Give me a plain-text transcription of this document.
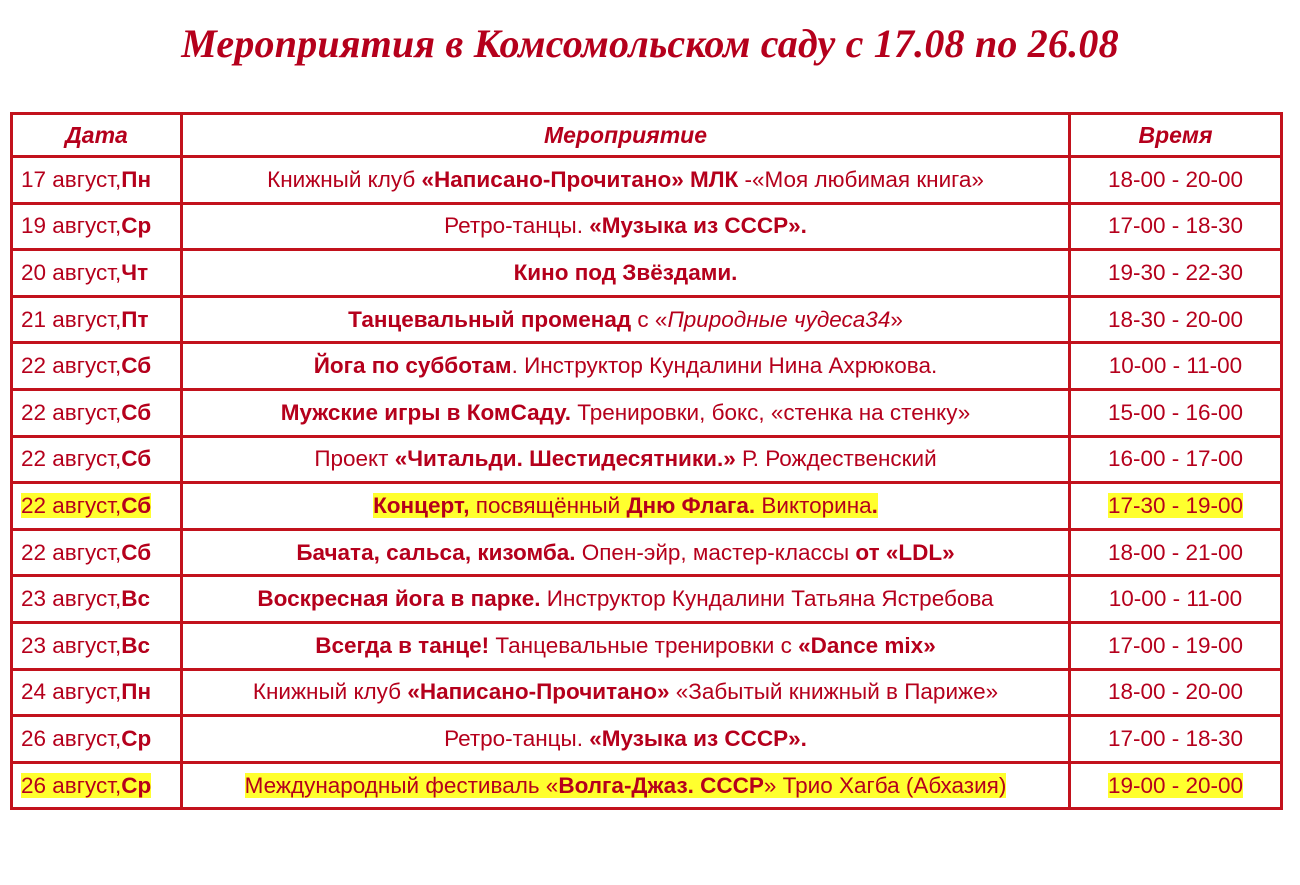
Мероприятия в Комсомольском саду с 17.08 по 26.08
Дата	Мероприятие	Время
17 август,Пн	Книжный клуб «Написано-Прочитано» МЛК -«Моя любимая книга»	18-00 - 20-00
19 август,Ср	Ретро-танцы. «Музыка из СССР».	17-00 - 18-30
20 август,Чт	Кино под Звёздами.	19-30 - 22-30
21 август,Пт	Танцевальный променад с «Природные чудеса34»	18-30 - 20-00
22 август,Сб	Йога по субботам. Инструктор Кундалини Нина Ахрюкова.	10-00 - 11-00
22 август,Сб	Мужские игры в КомСаду. Тренировки, бокс, «стенка на стенку»	15-00 - 16-00
22 август,Сб	Проект «Читальди. Шестидесятники.» Р. Рождественский	16-00 - 17-00
22 август,Сб	Концерт, посвящённый Дню Флага. Викторина.	17-30 - 19-00
22 август,Сб	Бачата, сальса, кизомба. Опен-эйр, мастер-классы от «LDL»	18-00 - 21-00
23 август,Вс	Воскресная йога в парке. Инструктор Кундалини Татьяна Ястребова	10-00 - 11-00
23 август,Вс	Всегда в танце! Танцевальные тренировки с «Dance mix»	17-00 - 19-00
24 август,Пн	Книжный клуб «Написано-Прочитано» «Забытый книжный в Париже»	18-00 - 20-00
26 август,Ср	Ретро-танцы. «Музыка из СССР».	17-00 - 18-30
26 август,Ср	Международный фестиваль «Волга-Джаз. СССР» Трио Хагба (Абхазия)	19-00 - 20-00
